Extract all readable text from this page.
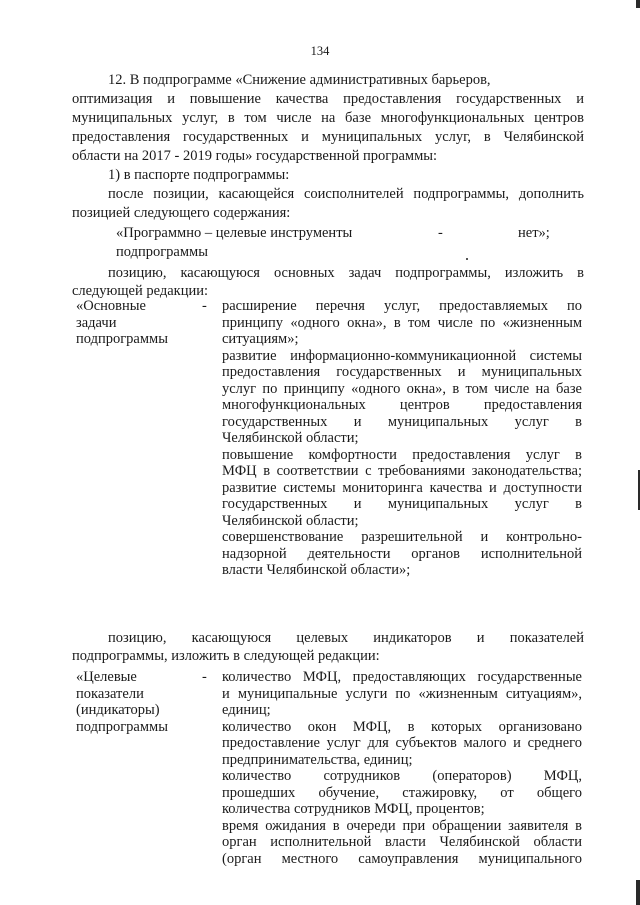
134
12. В подпрограмме «Снижение административных барьеров,
оптимизация и повышение качества предоставления государственных и
муниципальных услуг, в том числе на базе многофункциональных центров
предоставления государственных и муниципальных услуг, в Челябинской
области на 2017 - 2019 годы» государственной программы:
1) в паспорте подпрограммы:
после позиции, касающейся соисполнителей подпрограммы, дополнить
позицией следующего содержания:
«Программно – целевые инструменты	-	нет»;
подпрограммы
позицию, касающуюся основных задач подпрограммы, изложить в
следующей редакции:
«Основные
задачи
подпрограммы
- расширение перечня услуг, предоставляемых по
принципу «одного окна», в том числе по «жизненным
ситуациям»;
развитие информационно-коммуникационной системы
предоставления государственных и муниципальных
услуг по принципу «одного окна», в том числе на базе
многофункциональных центров предоставления
государственных и муниципальных услуг в
Челябинской области;
повышение комфортности предоставления услуг в
МФЦ в соответствии с требованиями законодательства;
развитие системы мониторинга качества и доступности
государственных и муниципальных услуг в
Челябинской области;
совершенствование разрешительной и контрольно-
надзорной деятельности органов исполнительной
власти Челябинской области»;
позицию, касающуюся целевых индикаторов и показателей
подпрограммы, изложить в следующей редакции:
«Целевые
показатели
(индикаторы)
подпрограммы
- количество МФЦ, предоставляющих государственные
и муниципальные услуги по «жизненным ситуациям»,
единиц;
количество окон МФЦ, в которых организовано
предоставление услуг для субъектов малого и среднего
предпринимательства, единиц;
количество сотрудников (операторов) МФЦ,
прошедших обучение, стажировку, от общего
количества сотрудников МФЦ, процентов;
время ожидания в очереди при обращении заявителя в
орган исполнительной власти Челябинской области
(орган местного самоуправления муниципального
